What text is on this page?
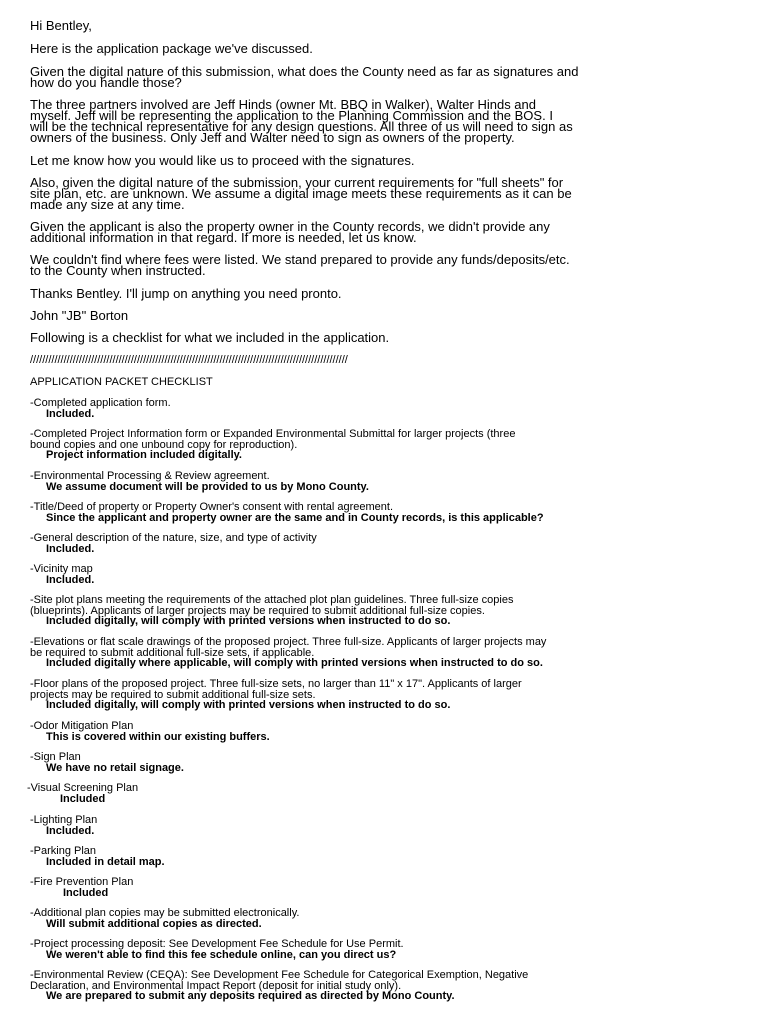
Hi Bentley,

Here is the application package we've discussed.

Given the digital nature of this submission, what does the County need as far as signatures and
how do you handle those?

The three partners involved are Jeff Hinds (owner Mt. BBQ in Walker), Walter Hinds and
myself. Jeff will be representing the application to the Planning Commission and the BOS. I
will be the technical representative for any design questions. All three of us will need to sign as
owners of the business. Only Jeff and Walter need to sign as owners of the property.

Let me know how you would like us to proceed with the signatures.

Also, given the digital nature of the submission, your current requirements for "full sheets" for
site plan, etc. are unknown. We assume a digital image meets these requirements as it can be
made any size at any time.

Given the applicant is also the property owner in the County records, we didn't provide any
additional information in that regard. If more is needed, let us know.

We couldn't find where fees were listed. We stand prepared to provide any funds/deposits/etc.
to the County when instructed.

Thanks Bentley. I'll jump on anything you need pronto.

John "JB" Borton

Following is a checklist for what we included in the application.

////////////////////////////////////////////////////////////////////////////////////////////////////////

APPLICATION PACKET CHECKLIST

-Completed application form.
Included.
-Completed Project Information form or Expanded Environmental Submittal for larger projects (three
bound copies and one unbound copy for reproduction).
Project information included digitally.
-Environmental Processing & Review agreement.
We assume document will be provided to us by Mono County.
-Title/Deed of property or Property Owner's consent with rental agreement.
Since the applicant and property owner are the same and in County records, is this applicable?
-General description of the nature, size, and type of activity
Included.
-Vicinity map
Included.
-Site plot plans meeting the requirements of the attached plot plan guidelines. Three full-size copies
(blueprints). Applicants of larger projects may be required to submit additional full-size copies.
Included digitally, will comply with printed versions when instructed to do so.
-Elevations or flat scale drawings of the proposed project. Three full-size. Applicants of larger projects may
be required to submit additional full-size sets, if applicable.
Included digitally where applicable, will comply with printed versions when instructed to do so.
-Floor plans of the proposed project. Three full-size sets, no larger than 11" x 17". Applicants of larger
projects may be required to submit additional full-size sets.
Included digitally, will comply with printed versions when instructed to do so.
-Odor Mitigation Plan
This is covered within our existing buffers.
-Sign Plan
We have no retail signage.
-Visual Screening Plan
Included
-Lighting Plan
Included.
-Parking Plan
Included in detail map.
-Fire Prevention Plan
Included
-Additional plan copies may be submitted electronically.
Will submit additional copies as directed.
-Project processing deposit: See Development Fee Schedule for Use Permit.
We weren't able to find this fee schedule online, can you direct us?
-Environmental Review (CEQA): See Development Fee Schedule for Categorical Exemption, Negative
Declaration, and Environmental Impact Report (deposit for initial study only).
We are prepared to submit any deposits required as directed by Mono County.
